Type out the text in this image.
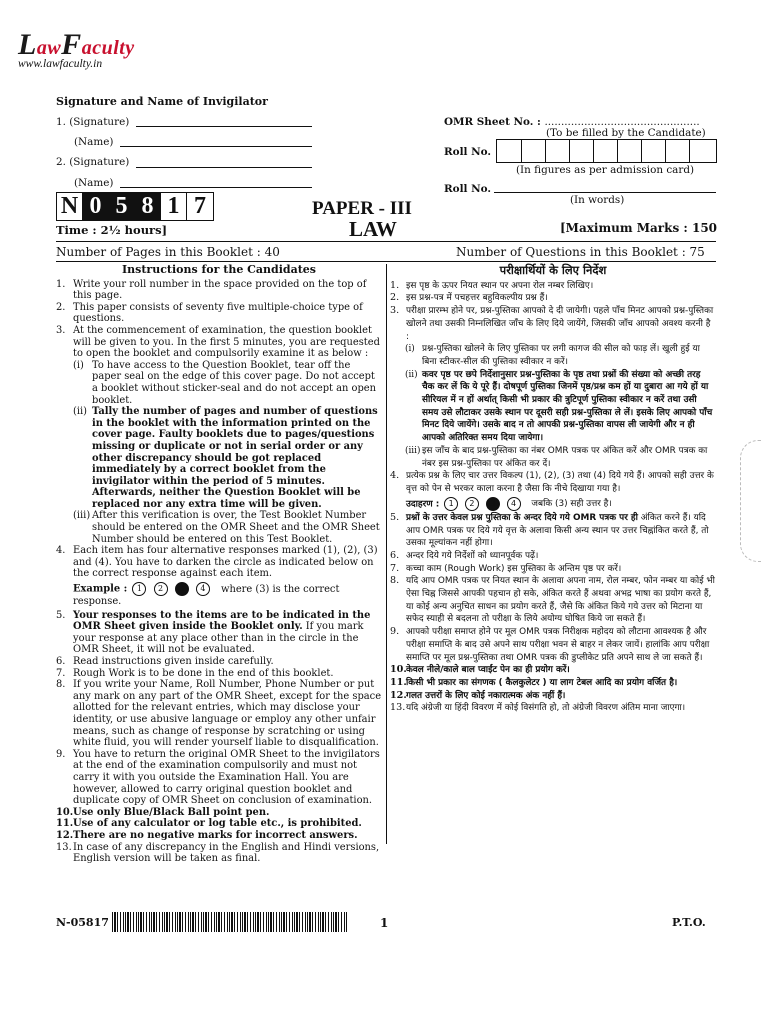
LawFaculty
www.lawfaculty.in
Signature and Name of Invigilator
1. (Signature)
(Name)
2. (Signature)
(Name)
OMR Sheet No. : ...............................................
(To be filled by the Candidate)
Roll No.
(In figures as per admission card)
Roll No.
(In words)
N 0 5 8 1 7
Time : 2½ hours]
PAPER - III
LAW	[Maximum Marks : 150
Number of Pages in this Booklet : 40	Number of Questions in this Booklet : 75
Instructions for the Candidates
1. Write your roll number in the space provided on the top of this page.
2. This paper consists of seventy five multiple-choice type of questions.
3. At the commencement of examination, the question booklet will be given to you. In the first 5 minutes, you are requested to open the booklet and compulsorily examine it as below :
(i) To have access to the Question Booklet, tear off the paper seal on the edge of this cover page. Do not accept a booklet without sticker-seal and do not accept an open booklet.
(ii) Tally the number of pages and number of questions in the booklet with the information printed on the cover page. Faulty booklets due to pages/questions missing or duplicate or not in serial order or any other discrepancy should be got replaced immediately by a correct booklet from the invigilator within the period of 5 minutes. Afterwards, neither the Question Booklet will be replaced nor any extra time will be given.
(iii) After this verification is over, the Test Booklet Number should be entered on the OMR Sheet and the OMR Sheet Number should be entered on this Test Booklet.
4. Each item has four alternative responses marked (1), (2), (3) and (4). You have to darken the circle as indicated below on the correct response against each item.
Example : 1 2 3 4 where (3) is the correct response.
5. Your responses to the items are to be indicated in the OMR Sheet given inside the Booklet only. If you mark your response at any place other than in the circle in the OMR Sheet, it will not be evaluated.
6. Read instructions given inside carefully.
7. Rough Work is to be done in the end of this booklet.
8. If you write your Name, Roll Number, Phone Number or put any mark on any part of the OMR Sheet, except for the space allotted for the relevant entries, which may disclose your identity, or use abusive language or employ any other unfair means, such as change of response by scratching or using white fluid, you will render yourself liable to disqualification.
9. You have to return the original OMR Sheet to the invigilators at the end of the examination compulsorily and must not carry it with you outside the Examination Hall. You are however, allowed to carry original question booklet and duplicate copy of OMR Sheet on conclusion of examination.
10. Use only Blue/Black Ball point pen.
11. Use of any calculator or log table etc., is prohibited.
12. There are no negative marks for incorrect answers.
13. In case of any discrepancy in the English and Hindi versions, English version will be taken as final.
परीक्षार्थियों के लिए निर्देश
1. इस पृष्ठ के ऊपर नियत स्थान पर अपना रोल नम्बर लिखिए।
2. इस प्रश्न-पत्र में पचहत्तर बहुविकल्पीय प्रश्न हैं।
3. परीक्षा प्रारम्भ होने पर, प्रश्न-पुस्तिका आपको दे दी जायेगी। पहले पाँच मिनट आपको प्रश्न-पुस्तिका खोलने तथा उसकी निम्नलिखित जाँच के लिए दिये जायेंगे, जिसकी जाँच आपको अवश्य करनी है :
(i) प्रश्न-पुस्तिका खोलने के लिए पुस्तिका पर लगी कागज की सील को फाड़ लें। खुली हुई या बिना स्टीकर-सील की पुस्तिका स्वीकार न करें।
(ii) कवर पृष्ठ पर छपे निर्देशानुसार प्रश्न-पुस्तिका के पृष्ठ तथा प्रश्नों की संख्या को अच्छी तरह चैक कर लें कि ये पूरे हैं। दोषपूर्ण पुस्तिका जिनमें पृष्ठ/प्रश्न कम हों या दुबारा आ गये हों या सीरियल में न हों अर्थात् किसी भी प्रकार की त्रुटिपूर्ण पुस्तिका स्वीकार न करें तथा उसी समय उसे लौटाकर उसके स्थान पर दूसरी सही प्रश्न-पुस्तिका ले लें। इसके लिए आपको पाँच मिनट दिये जायेंगे। उसके बाद न तो आपकी प्रश्न-पुस्तिका वापस ली जायेगी और न ही आपको अतिरिक्त समय दिया जायेगा।
(iii) इस जाँच के बाद प्रश्न-पुस्तिका का नंबर OMR पत्रक पर अंकित करें और OMR पत्रक का नंबर इस प्रश्न-पुस्तिका पर अंकित कर दें।
4. प्रत्येक प्रश्न के लिए चार उत्तर विकल्प (1), (2), (3) तथा (4) दिये गये हैं। आपको सही उत्तर के वृत्त को पेन से भरकर काला करना है जैसा कि नीचे दिखाया गया है।
उदाहरण : 1 2 3 4 जबकि (3) सही उत्तर है।
5. प्रश्नों के उत्तर केवल प्रश्न पुस्तिका के अन्दर दिये गये OMR पत्रक पर ही अंकित करने हैं। यदि आप OMR पत्रक पर दिये गये वृत्त के अलावा किसी अन्य स्थान पर उत्तर चिह्नांकित करते हैं, तो उसका मूल्यांकन नहीं होगा।
6. अन्दर दिये गये निर्देशों को ध्यानपूर्वक पढ़ें।
7. कच्चा काम (Rough Work) इस पुस्तिका के अन्तिम पृष्ठ पर करें।
8. यदि आप OMR पत्रक पर नियत स्थान के अलावा अपना नाम, रोल नम्बर, फोन नम्बर या कोई भी ऐसा चिह्न जिससे आपकी पहचान हो सके, अंकित करते हैं अथवा अभद्र भाषा का प्रयोग करते हैं, या कोई अन्य अनुचित साधन का प्रयोग करते हैं, जैसे कि अंकित किये गये उत्तर को मिटाना या सफेद स्याही से बदलना तो परीक्षा के लिये अयोग्य घोषित किये जा सकते हैं।
9. आपको परीक्षा समाप्त होने पर मूल OMR पत्रक निरीक्षक महोदय को लौटाना आवश्यक है और परीक्षा समाप्ति के बाद उसे अपने साथ परीक्षा भवन से बाहर न लेकर जायें। हालांकि आप परीक्षा समाप्ति पर मूल प्रश्न-पुस्तिका तथा OMR पत्रक की डुप्लीकेट प्रति अपने साथ ले जा सकते हैं।
10. केवल नीले/काले बाल प्वाईंट पेन का ही प्रयोग करें।
11. किसी भी प्रकार का संगणक ( कैलकुलेटर ) या लाग टेबल आदि का प्रयोग वर्जित है।
12. गलत उत्तरों के लिए कोई नकारात्मक अंक नहीं हैं।
13. यदि अंग्रेजी या हिंदी विवरण में कोई विसंगति हो, तो अंग्रेजी विवरण अंतिम माना जाएगा।
N-05817	1	P.T.O.
